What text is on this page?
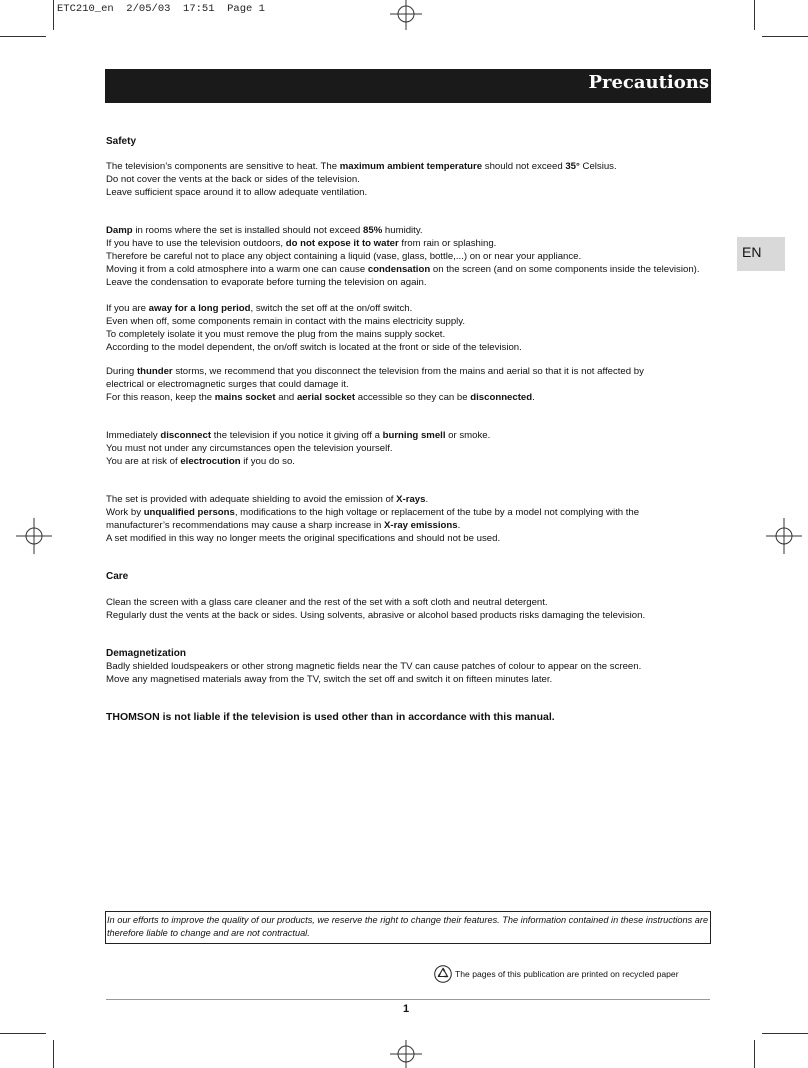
ETC210_en  2/05/03  17:51  Page 1
Precautions
EN
Safety
The television’s components are sensitive to heat. The maximum ambient temperature should not exceed 35° Celsius.
Do not cover the vents at the back or sides of the television.
Leave sufficient space around it to allow adequate ventilation.
Damp in rooms where the set is installed should not exceed 85% humidity.
If you have to use the television outdoors, do not expose it to water from rain or splashing.
Therefore be careful not to place any object containing a liquid (vase, glass, bottle,...) on or near your appliance.
Moving it from a cold atmosphere into a warm one can cause condensation on the screen (and on some components inside the television).
Leave the condensation to evaporate before turning the television on again.
If you are away for a long period, switch the set off at the on/off switch.
Even when off, some components remain in contact with the mains electricity supply.
To completely isolate it you must remove the plug from the mains supply socket.
According to the model dependent, the on/off switch is located at the front or side of the television.
During thunder storms, we recommend that you disconnect the television from the mains and aerial so that it is not affected by
electrical or electromagnetic surges that could damage it.
For this reason, keep the mains socket and aerial socket accessible so they can be disconnected.
Immediately disconnect the television if you notice it giving off a burning smell or smoke.
You must not under any circumstances open the television yourself.
You are at risk of electrocution if you do so.
The set is provided with adequate shielding to avoid the emission of X-rays.
Work by unqualified persons, modifications to the high voltage or replacement of the tube by a model not complying with the
manufacturer’s recommendations may cause a sharp increase in X-ray emissions.
A set modified in this way no longer meets the original specifications and should not be used.
Care
Clean the screen with a glass care cleaner and the rest of the set with a soft cloth and neutral detergent.
Regularly dust the vents at the back or sides. Using solvents, abrasive or alcohol based products risks damaging the television.
Demagnetization
Badly shielded loudspeakers or other strong magnetic fields near the TV can cause patches of colour to appear on the screen.
Move any magnetised materials away from the TV, switch the set off and switch it on fifteen minutes later.
THOMSON is not liable if the television is used other than in accordance with this manual.

In our efforts to improve the quality of our products, we reserve the right to change their features. The information contained in these instructions are therefore liable to change and are not contractual.

The pages of this publication are printed on recycled paper
1
